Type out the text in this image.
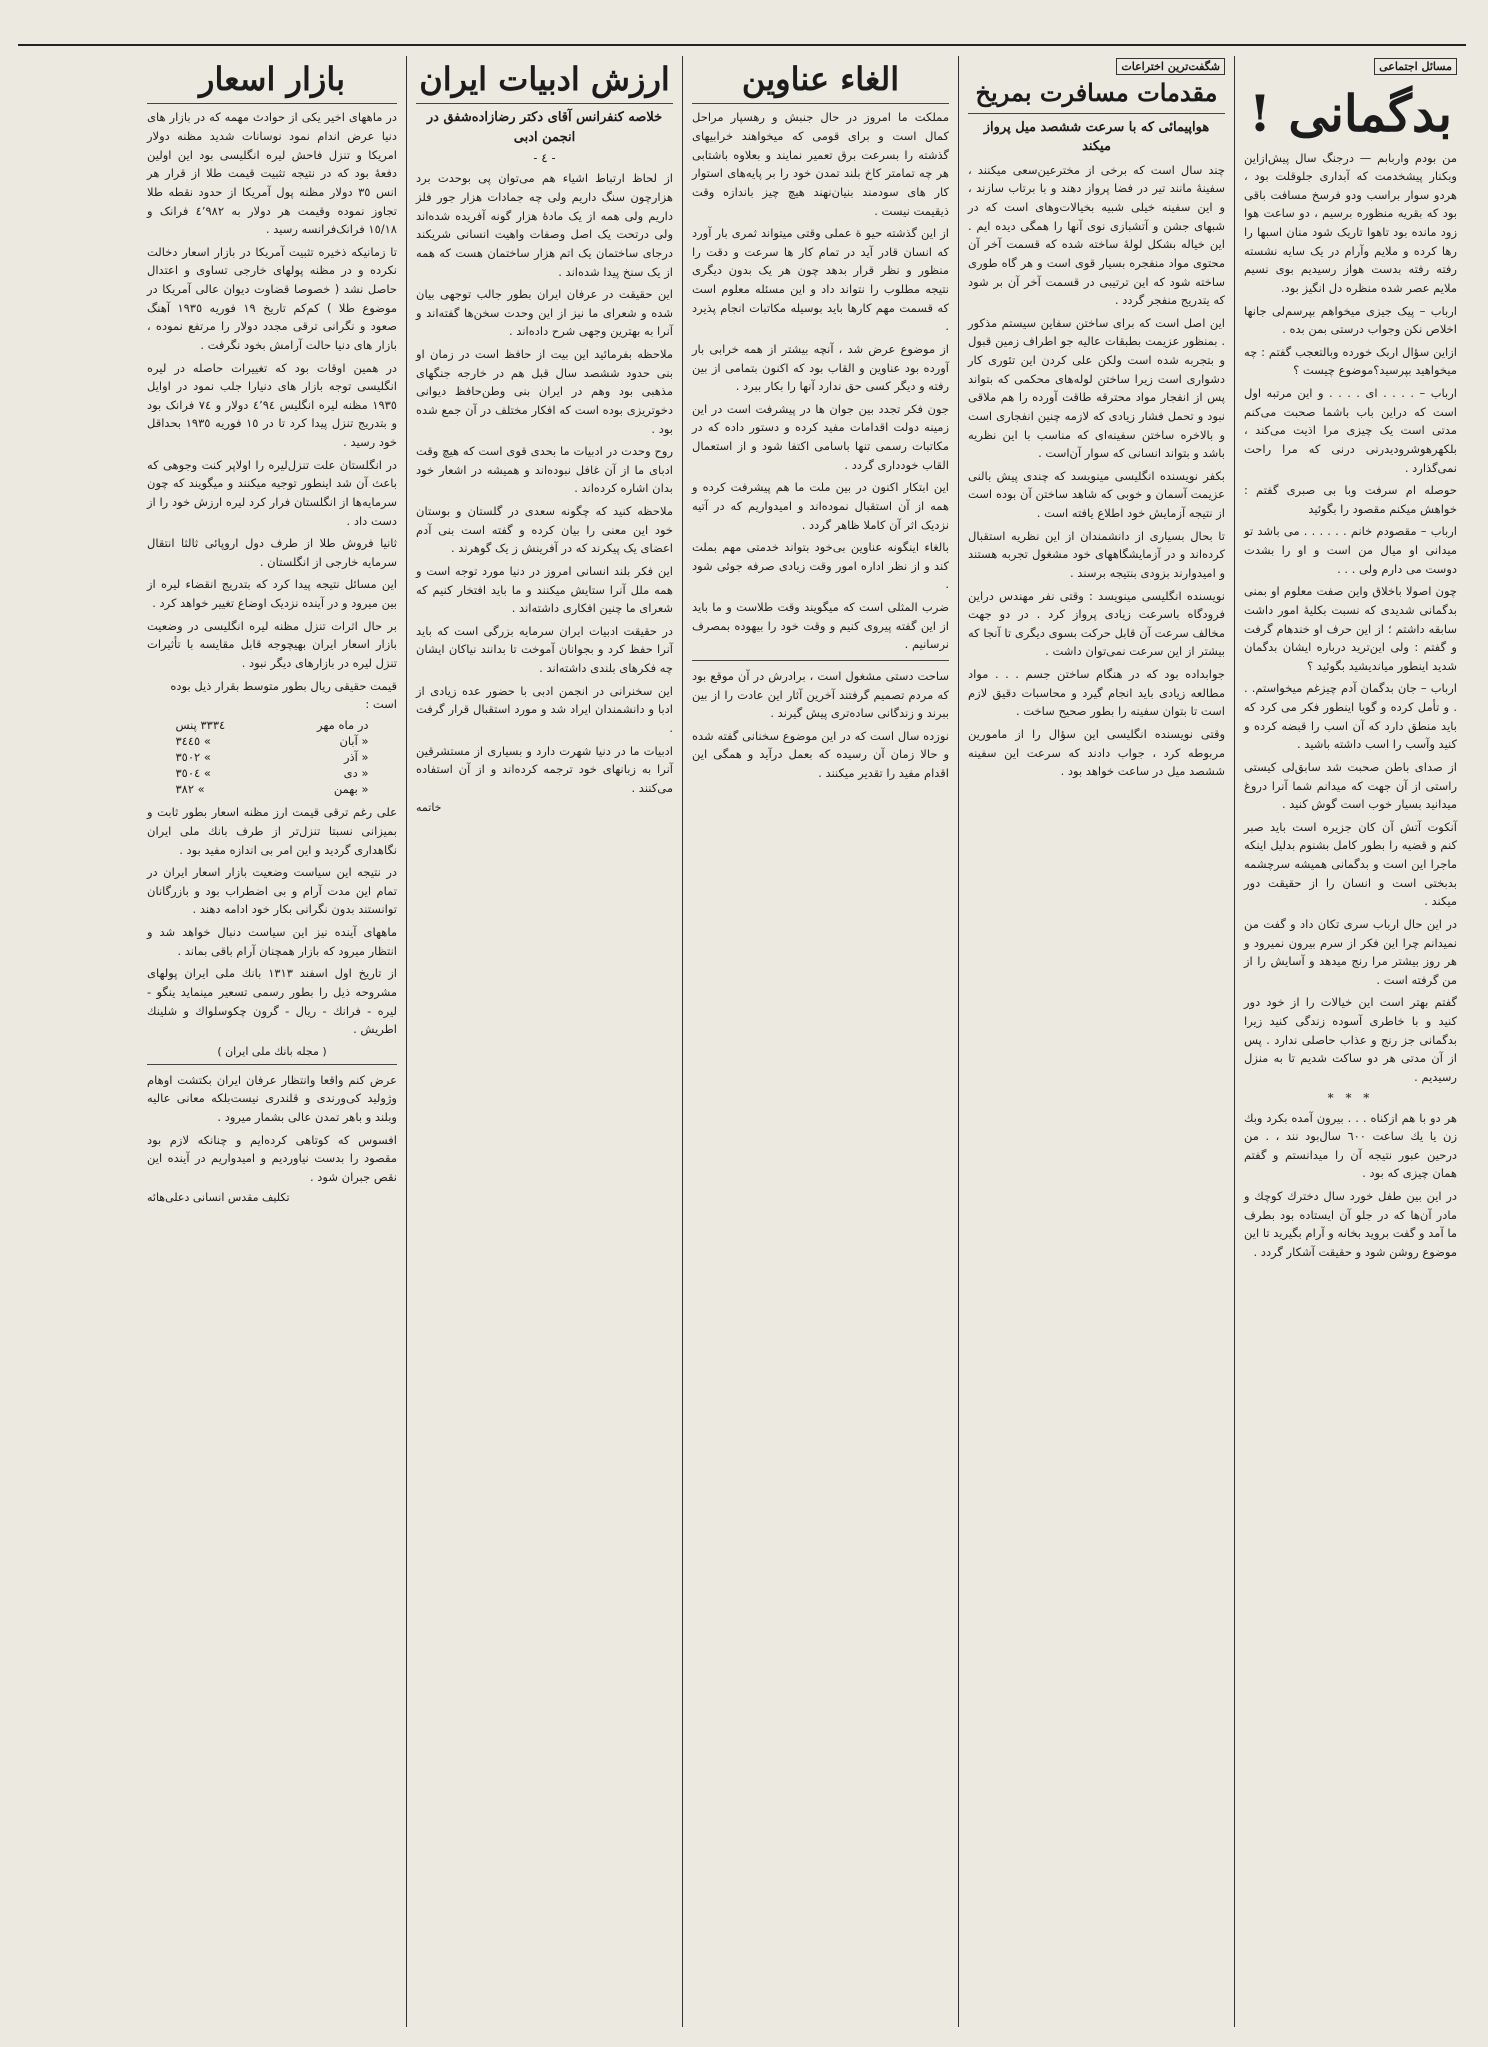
مسائل اجتماعی
بدگمانی !

من بودم واربابم — درجنگ سال پیش‌ازاین وبکنار پیشخدمت که آبداری جلوقلت بود ، هردو سوار براسب ودو فرسخ مسافت باقی بود که بقریه منظوره برسیم ، دو ساعت هوا زود مانده بود تاهوا تاریک شود منان اسبها را رها کرده و ملایم وآرام در یک سایه نشسته رفته رفته بدست هواز رسیدیم بوی نسیم ملایم عصر شده منظره دل انگیز بود.

ارباب – پیک جیزی میخواهم بپرسم‌لی جانها اخلاص نکن وجواب درستی بمن بده .

ازاین سؤال اربک خورده وبالتعجب گفتم : چه میخواهید بپرسید؟موضوع چیست ؟

ارباب – . . . . ای . . . . و این مرتبه اول است که دراین باب باشما صحبت می‌کنم مدتی است یک چیزی مرا اذیت می‌کند ، بلکهرهوشرودیدرنی درنی که مرا راحت نمی‌گذارد .

حوصله ام سرفت وبا بی صبری گفتم : خواهش میکنم مقصود را بگوئید

ارباب – مقصودم خانم . . . . . . می باشد تو میدانی او میال من است و او را بشدت دوست می دارم ولی . . .

چون اصولا باخلاق واین صفت معلوم او بمنی بدگمانی شدیدی که نسبت بکلیهٔ امور داشت سابقه داشتم ؛ از این حرف او خندهام گرفت و گفتم : ولی این‌ترید درباره ایشان بدگمان شدید اینطور میاندیشید بگوئید ؟

ارباب – جان بدگمان آدم چیزغم میخواستم. . . و تأمل کرده و گویا اینطور فکر می کرد که باید منطق دارد که آن اسب را قبضه کرده و کنید وآسب را اسب داشته باشید .

از صدای باطن صحبت شد سابق‌لی کیستی راستی از آن جهت که میدانم شما آنرا دروغ میدانید بسیار خوب است گوش کنید .

آنکوت آتش آن کان جزیره است باید صبر کنم و قضیه را بطور کامل بشنوم بدلیل اینکه ماجرا این است و بدگمانی همیشه سرچشمه بدبختی است و انسان را از حقیقت دور میکند .

در این حال ارباب سری تکان داد و گفت من نمیدانم چرا این فکر از سرم بیرون نمیرود و هر روز بیشتر مرا رنج میدهد و آسایش را از من گرفته است .

گفتم بهتر است این خیالات را از خود دور کنید و با خاطری آسوده زندگی کنید زیرا بدگمانی جز رنج و عذاب حاصلی ندارد . پس از آن مدتی هر دو ساکت شدیم تا به منزل رسیدیم .

* * *

هر دو با هم ازکناه . . . بیرون آمده بکرد وبك زن یا یك ساعت ٦٠٠ سال‌بود نند ، . من درحین عبور نتیجه آن را میدانستم و گفتم همان چیزی که بود .

در این بین طفل خورد سال دخترك کوچك و مادر آن‌ها که در جلو آن ایستاده بود بطرف ما آمد و گفت بروید بخانه و آرام بگیرید تا این موضوع روشن شود و حقیقت آشکار گردد .

شگفت‌ترین اختراعات
مقدمات مسافرت بمریخ
هواپیمائی که با سرعت ششصد میل پرواز میکند

چند سال است که برخی از مخترعین‌سعی میکنند ، سفینهٔ مانند تیر در فضا پرواز دهند و با برتاب سازند ، و این سفینه خیلی شبیه بخیالات‌وهای است که در شبهای جشن و آتشبازی نوی آنها را همگی دیده ایم . این خیاله بشکل لولهٔ ساخته شده که قسمت آخر آن محتوی مواد منفجره بسیار قوی است و هر گاه طوری ساخته شود که این ترتیبی در قسمت آخر آن بر شود که یتدریج منفجر گردد .

این اصل است که برای ساختن سفاین سیستم مذکور . بمنظور عزیمت بطبقات عالیه جو اطراف زمین قبول و بتجربه شده است ولکن علی کردن این تئوری کار دشواری است زیرا ساختن لوله‌های محکمی که بتواند پس از انفجار مواد محترقه طاقت آورده را هم ملاقی نبود و تحمل فشار زیادی که لازمه چنین انفجاری است و بالاخره ساختن سفینه‌ای که مناسب با این نظریه باشد و بتواند انسانی که سوار آن‌است .

بکفر نویسنده انگلیسی مینویسد که چندی پیش بالنی عزیمت آسمان و خوبی که شاهد ساختن آن بوده است از نتیجه آزمایش خود اطلاع یافته است .

تا بحال بسیاری از دانشمندان از این نظریه استقبال کرده‌اند و در آزمایشگاههای خود مشغول تجربه هستند و امیدوارند بزودی بنتیجه برسند .

نویسنده انگلیسی مینویسد : وقتی نفر مهندس دراین فرودگاه باسرعت زیادی پرواز کرد . در دو جهت مخالف سرعت آن قابل حرکت بسوی دیگری تا آنجا که بیشتر از این سرعت نمی‌توان داشت .

جوابداده بود که در هنگام ساختن جسم . . . مواد مطالعه زیادی باید انجام گیرد و محاسبات دقیق لازم است تا بتوان سفینه را بطور صحیح ساخت .

وقتی نویسنده انگلیسی این سؤال را از مامورین مربوطه کرد ، جواب دادند که سرعت این سفینه ششصد میل در ساعت خواهد بود .

الغاء عناوین

مملکت ما امروز در حال جنبش و رهسپار مراحل کمال است و برای قومی که میخواهند خرابیهای گذشته را بسرعت برق تعمیر نمایند و بعلاوه باشتابی هر چه تمامتر کاخ بلند تمدن خود را بر پایه‌های استوار کار های سودمند بنیان‌نهند هیچ چیز باندازه وقت ذیقیمت نیست .

از این گذشته حیو ة عملی وقتی میتواند ثمری بار آورد که انسان قادر آید در تمام کار ها سرعت و دقت را منظور و نظر قرار بدهد چون هر یک بدون دیگری نتیجه مطلوب را نتواند داد و این مسئله معلوم است که قسمت مهم کارها باید بوسیله مکاتبات انجام پذیرد .

از موضوع عرض شد ، آنچه بیشتر از همه خرابی بار آورده بود عناوین و القاب بود که اکنون بتمامی از بین رفته و دیگر کسی حق ندارد آنها را بکار ببرد .

جون فکر تجدد بین جوان ها در پیشرفت است در این زمینه دولت اقدامات مفید کرده و دستور داده که در مکاتبات رسمی تنها باسامی اکتفا شود و از استعمال القاب خودداری گردد .

این ابتکار اکنون در بین ملت ما هم پیشرفت کرده و همه از آن استقبال نموده‌اند و امیدواریم که در آتیه نزدیک اثر آن کاملا ظاهر گردد .

بالغاء اینگونه عناوین بی‌خود بتواند خدمتی مهم بملت کند و از نظر اداره امور وقت زیادی صرفه جوئی شود .

ضرب المثلی است که میگویند وقت طلاست و ما باید از این گفته پیروی کنیم و وقت خود را بیهوده بمصرف نرسانیم .

ساحت دستی مشغول است ، برادرش در آن موقع بود که مردم تصمیم گرفتند آخرین آثار این عادت را از بین ببرند و زندگانی ساده‌تری پیش گیرند .

نوزده سال است که در این موضوع سخنانی گفته شده و حالا زمان آن رسیده که بعمل درآید و همگی این اقدام مفید را تقدیر میکنند .

ارزش ادبیات ایران
خلاصه کنفرانس آقای دکتر رضازاده‌شفق در انجمن ادبی
- ٤ -

از لحاظ ارتباط اشیاء هم می‌توان پی بوحدت برد هزارچون سنگ داریم ولی چه جمادات هزار جور فلز داریم ولی همه از یک مادهٔ هزار گونه آفریده شده‌اند ولی درتحت یک اصل وصفات واهیت انسانی شریکند درجای ساختمان یک اتم هزار ساختمان هست که همه از یک سنخ پیدا شده‌اند .

این حقیقت در عرفان ایران بطور جالب توجهی بیان شده و شعرای ما نیز از این وحدت سخن‌ها گفته‌اند و آنرا به بهترین وجهی شرح داده‌اند .

ملاحظه بفرمائید این بیت از حافظ است در زمان او بنی حدود ششصد سال قبل هم در خارجه جنگهای مذهبی بود وهم در ایران بنی وطن‌حافظ دیوانی دخوتریزی بوده است که افکار مختلف در آن جمع شده بود .

روح وحدت در ادبیات ما بحدی قوی است که هیچ وقت ادبای ما از آن غافل نبوده‌اند و همیشه در اشعار خود بدان اشاره کرده‌اند .

ملاحظه کنید که چگونه سعدی در گلستان و بوستان خود این معنی را بیان کرده و گفته است بنی آدم اعضای یک پیکرند که در آفرینش ز یک گوهرند .

این فکر بلند انسانی امروز در دنیا مورد توجه است و همه ملل آنرا ستایش میکنند و ما باید افتخار کنیم که شعرای ما چنین افکاری داشته‌اند .

در حقیقت ادبیات ایران سرمایه بزرگی است که باید آنرا حفظ کرد و بجوانان آموخت تا بدانند نیاکان ایشان چه فکرهای بلندی داشته‌اند .

این سخنرانی در انجمن ادبی با حضور عده زیادی از ادبا و دانشمندان ایراد شد و مورد استقبال قرار گرفت .

ادبیات ما در دنیا شهرت دارد و بسیاری از مستشرقین آنرا به زبانهای خود ترجمه کرده‌اند و از آن استفاده می‌کنند .

خاتمه
بازار اسعار

در ماههای اخیر یکی از حوادث مهمه که در بازار های دنیا عرض اندام نمود نوسانات شدید مظنه دولار امریکا و تنزل فاحش لیره انگلیسی بود این اولین دفعهٔ بود که در نتیجه تثبیت قیمت طلا از قرار هر انس ٣٥ دولار مظنه پول آمریکا از حدود نقطه طلا تجاوز نموده وقیمت هر دولار به ٤٬٩٨٢ فرانک و ١٥/١٨ فرانک‌فرانسه رسید .

تا زمانیکه ذخیره تثبیت آمریکا در بازار اسعار دخالت نکرده و در مظنه پولهای خارجی تساوی و اعتدال حاصل نشد ( خصوصا قضاوت دیوان عالی آمریکا در موضوع طلا ) کم‌کم تاریخ ١٩ فوریه ١٩٣٥ آهنگ صعود و نگرانی ترقی مجدد دولار را مرتفع نموده ، بازار های دنیا حالت آرامش بخود نگرفت .

در همین اوقات بود که تغییرات حاصله در لیره انگلیسی توجه بازار های دنیارا جلب نمود در اوایل ١٩٣٥ مظنه لیره انگلیس ٤٬٩٤ دولار و ٧٤ فرانک بود و بتدریج تنزل پیدا کرد تا در ١٥ فوریه ١٩٣٥ بحداقل خود رسید .

در انگلستان علت تنزل‌لیره را اولاپر کنت وجوهی که باعث آن شد اینطور توجیه میکنند و میگویند که چون سرمایه‌ها از انگلستان فرار کرد لیره ارزش خود را از دست داد .

ثانیا فروش طلا از طرف دول اروپائی ثالثا انتقال سرمایه خارجی از انگلستان .

این مسائل نتیجه پیدا کرد که بتدریج انقضاء لیره از بین میرود و در آینده نزدیک اوضاع تغییر خواهد کرد .

بر حال اثرات تنزل مظنه لیره انگلیسی در وضعیت بازار اسعار ایران بهیچوجه قابل مقایسه با تأثیرات تنزل لیره در بازارهای دیگر نبود .

قیمت حقیقی ریال بطور متوسط بقرار ذیل بوده است :
در ماه مهر	٣٣٣٤ پنس
« آبان	٣٤٤٥ «
« آذر	٣٥٠٢ «
« دی	٣٥٠٤ «
« بهمن	٣٨٢ «

علی رغم ترقی قیمت ارز مظنه اسعار بطور ثابت و بمیزانی نسبتا تنزل‌تر از طرف بانك ملی ایران نگاهداری گردید و این امر بی اندازه مفید بود .

در نتیجه این سیاست وضعیت بازار اسعار ایران در تمام این مدت آرام و بی اضطراب بود و بازرگانان توانستند بدون نگرانی بکار خود ادامه دهند .

ماههای آینده نیز این سیاست دنبال خواهد شد و انتظار میرود که بازار همچنان آرام باقی بماند .

از تاریخ اول اسفند ١٣١٣ بانك ملی ایران پولهای مشروحه ذیل را بطور رسمی تسعیر مینماید ینگو - لیره - فرانك - ریال - گرون چکوسلواك و شلینك اطریش .

( مجله بانك ملی ایران )

عرض کنم واقعا وانتظار عرفان ایران بکتشت اوهام وژولید کی‌ورندی و قلندری نیست‌بلکه معانی عالیه وبلند و باهر تمدن عالی بشمار میرود .

افسوس که کوتاهی کرده‌ایم و چنانکه لازم بود مقصود را بدست نیاوردیم و امیدواریم در آینده این نقص جبران شود .

تکلیف مقدس انسانی دعلی‌هائه
